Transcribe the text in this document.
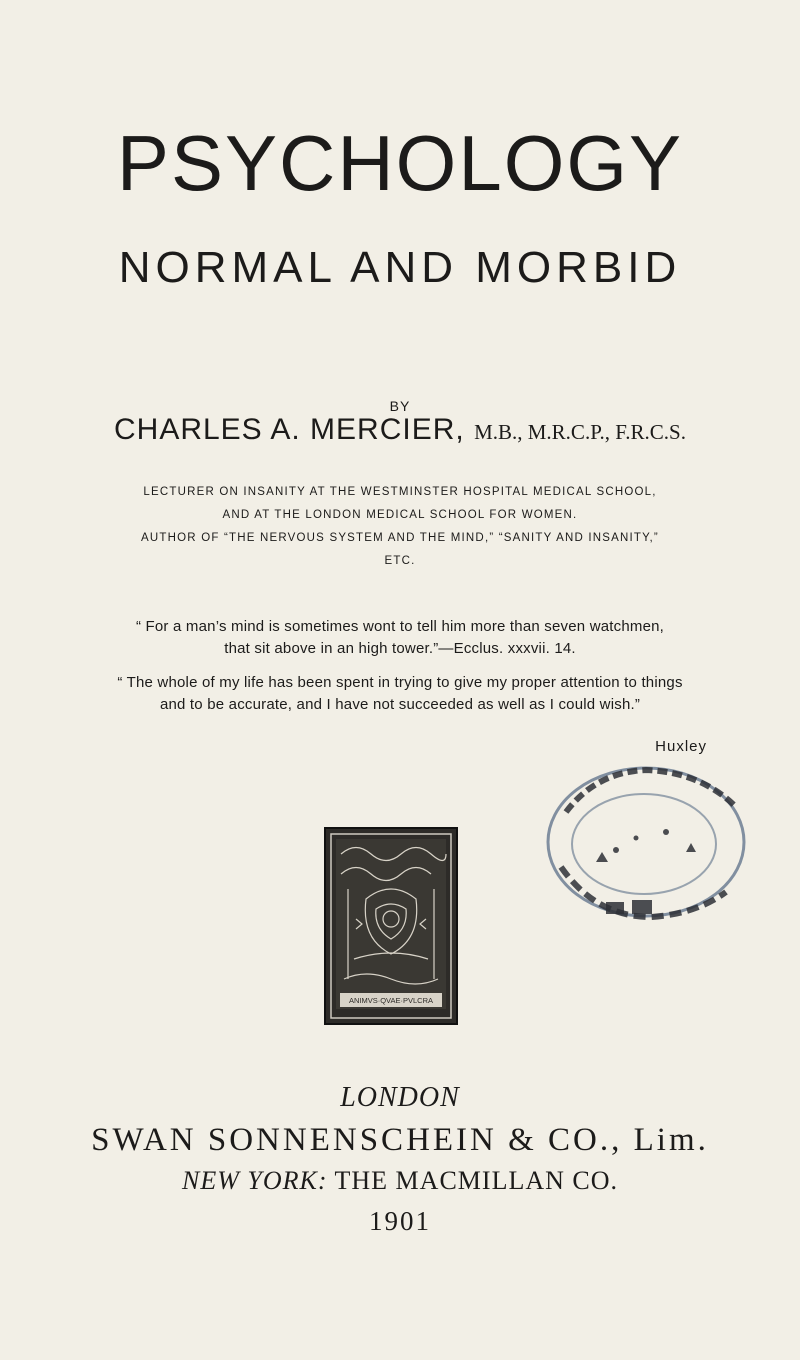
PSYCHOLOGY
NORMAL AND MORBID
BY
CHARLES A. MERCIER, M.B., M.R.C.P., F.R.C.S.
LECTURER ON INSANITY AT THE WESTMINSTER HOSPITAL MEDICAL SCHOOL,
AND AT THE LONDON MEDICAL SCHOOL FOR WOMEN.
AUTHOR OF “THE NERVOUS SYSTEM AND THE MIND,” “SANITY AND INSANITY,”
ETC.
“ For a man’s mind is sometimes wont to tell him more than seven watchmen,
that sit above in an high tower.”—Ecclus. xxxvii. 14.
“ The whole of my life has been spent in trying to give my proper attention to things
and to be accurate, and I have not succeeded as well as I could wish.”
Huxley
ANIMVS·QVAE·PVLCRA
LONDON
SWAN SONNENSCHEIN & CO., Lim.
NEW YORK: THE MACMILLAN CO.
1901
